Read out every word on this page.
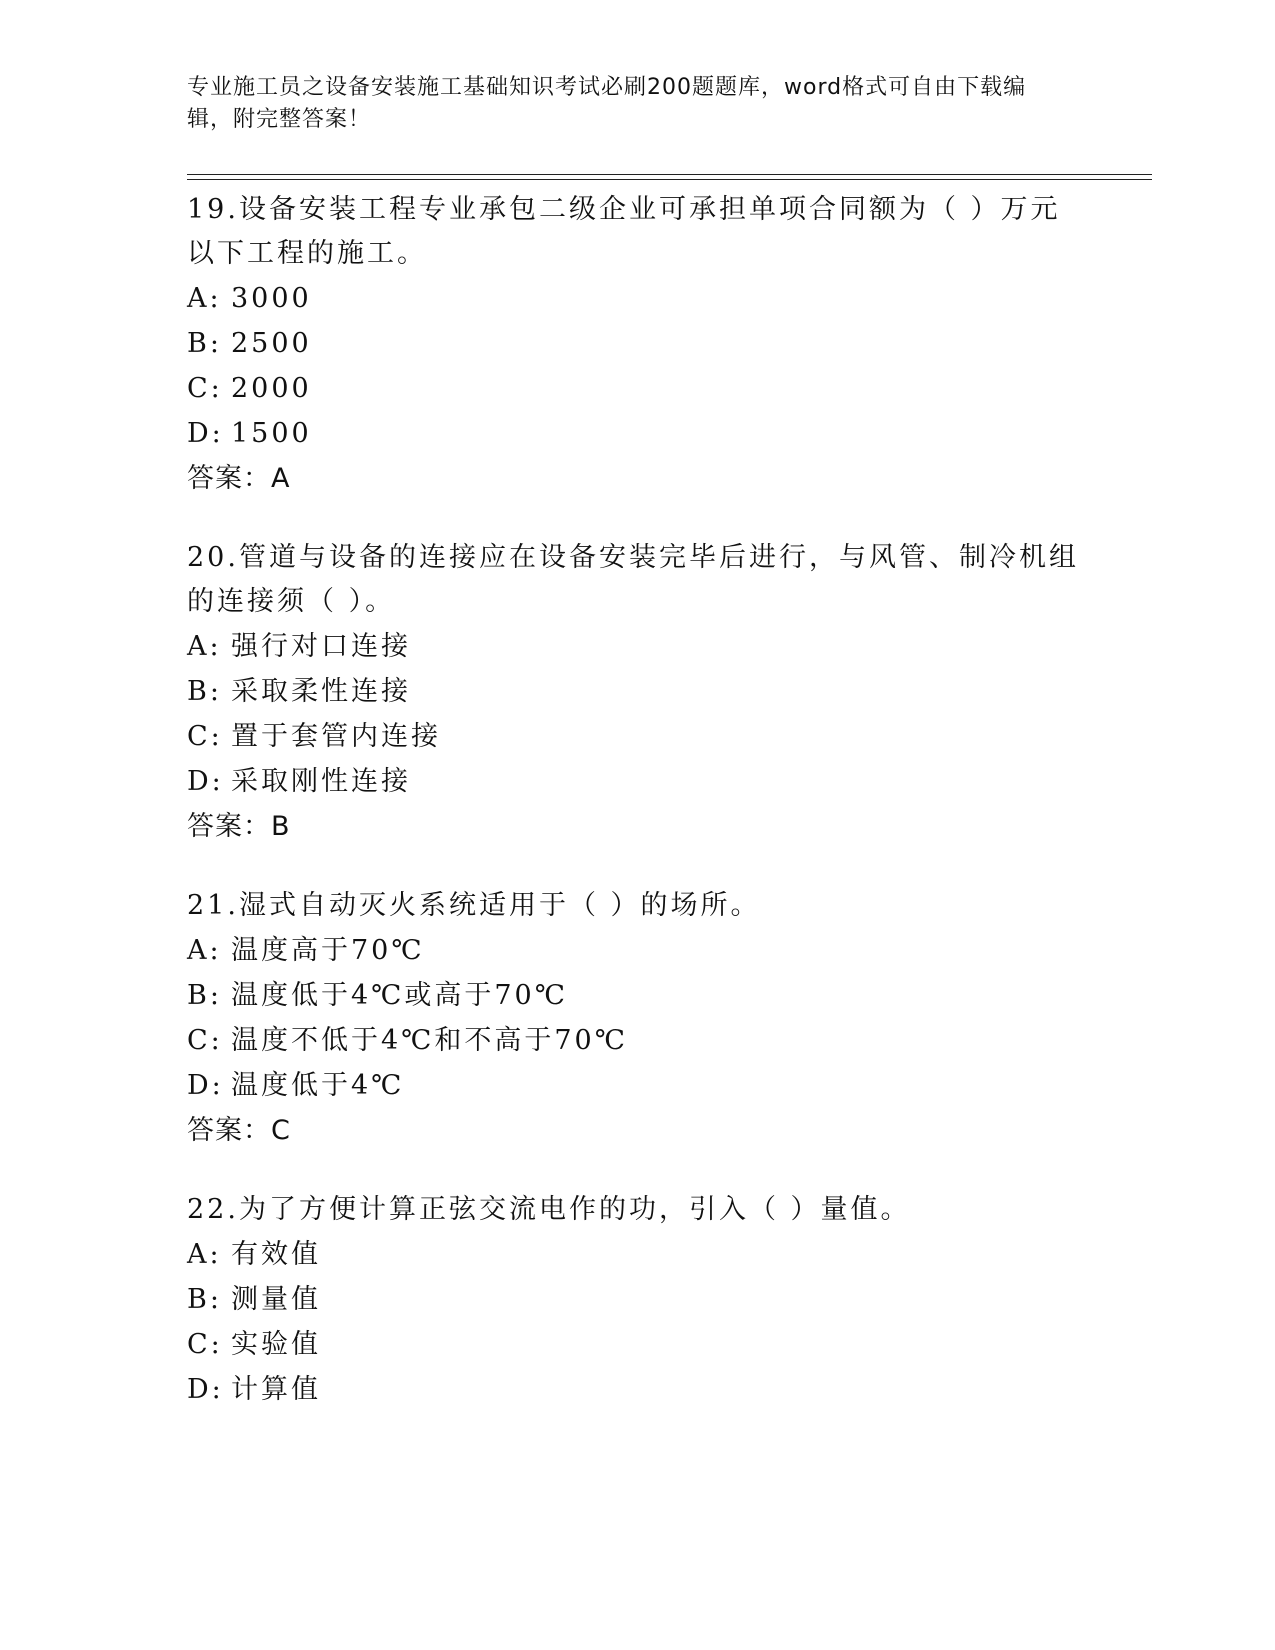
专业施工员之设备安装施工基础知识考试必刷200题题库，word格式可自由下载编辑，附完整答案！

19.设备安装工程专业承包二级企业可承担单项合同额为（ ）万元以下工程的施工。

A: 3000

B: 2500

C: 2000

D: 1500

答案：A

20.管道与设备的连接应在设备安装完毕后进行，与风管、制冷机组的连接须（ ）。

A: 强行对口连接

B: 采取柔性连接

C: 置于套管内连接

D: 采取刚性连接

答案：B

21.湿式自动灭火系统适用于（ ）的场所。

A: 温度高于70℃

B: 温度低于4℃或高于70℃

C: 温度不低于4℃和不高于70℃

D: 温度低于4℃

答案：C

22.为了方便计算正弦交流电作的功，引入（ ）量值。

A: 有效值

B: 测量值

C: 实验值

D: 计算值
